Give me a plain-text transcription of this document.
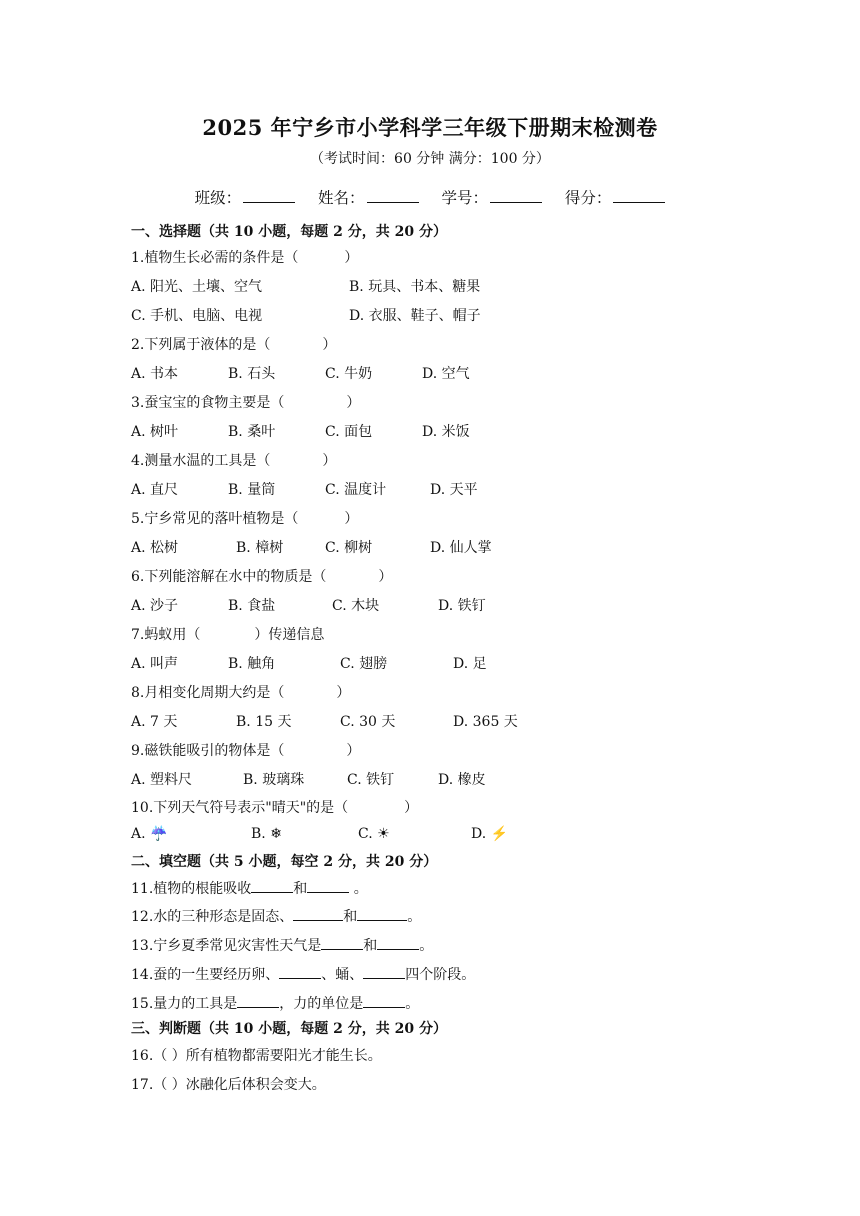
2025 年宁乡市小学科学三年级下册期末检测卷
（考试时间：60 分钟 满分：100 分）
班级：	姓名：	学号：	得分：
一、选择题（共 10 小题，每题 2 分，共 20 分）
1.植物生长必需的条件是（	）
A. 阳光、土壤、空气	B. 玩具、书本、糖果
C. 手机、电脑、电视	D. 衣服、鞋子、帽子
2.下列属于液体的是（	）
A. 书本	B. 石头	C. 牛奶	D. 空气
3.蚕宝宝的食物主要是（	）
A. 树叶	B. 桑叶	C. 面包	D. 米饭
4.测量水温的工具是（	）
A. 直尺	B. 量筒	C. 温度计	D. 天平
5.宁乡常见的落叶植物是（	）
A. 松树	B. 樟树	C. 柳树	D. 仙人掌
6.下列能溶解在水中的物质是（	）
A. 沙子	B. 食盐	C. 木块	D. 铁钉
7.蚂蚁用（	）传递信息
A. 叫声	B. 触角	C. 翅膀	D. 足
8.月相变化周期大约是（	）
A. 7 天	B. 15 天	C. 30 天	D. 365 天
9.磁铁能吸引的物体是（	）
A. 塑料尺	B. 玻璃珠	C. 铁钉	D. 橡皮
10.下列天气符号表示"晴天"的是（	）
A. ☔	B. ❄	C. ☀	D. ⚡
二、填空题（共 5 小题，每空 2 分，共 20 分）
11.植物的根能吸收	和	。
12.水的三种形态是固态、	和	。
13.宁乡夏季常见灾害性天气是	和	。
14.蚕的一生要经历卵、	、蛹、	四个阶段。
15.量力的工具是	，力的单位是	。
三、判断题（共 10 小题，每题 2 分，共 20 分）
16.（ ）所有植物都需要阳光才能生长。
17.（ ）冰融化后体积会变大。
